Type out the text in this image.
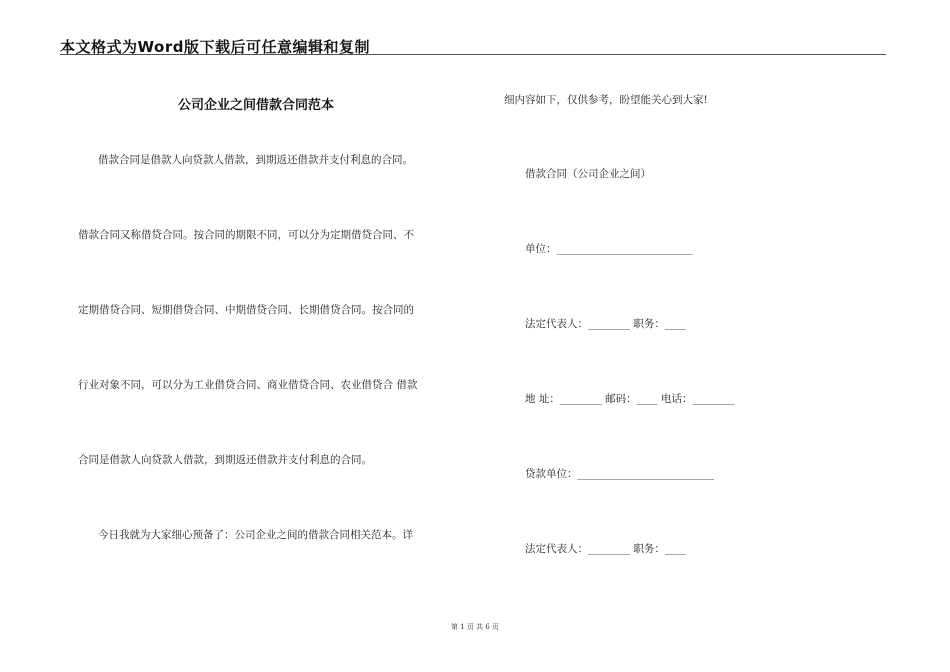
本文格式为Word版下载后可任意编辑和复制
公司企业之间借款合同范本
借款合同是借款人向贷款人借款，到期返还借款并支付利息的合同。
借款合同又称借贷合同。按合同的期限不同，可以分为定期借贷合同、不
定期借贷合同、短期借贷合同、中期借贷合同、长期借贷合同。按合同的
行业对象不同，可以分为工业借贷合同、商业借贷合同、农业借贷合 借款
合同是借款人向贷款人借款，到期返还借款并支付利息的合同。
今日我就为大家细心预备了：公司企业之间的借款合同相关范本。详
细内容如下，仅供参考，盼望能关心到大家!
借款合同（公司企业之间）
单位：__________________________
法定代表人：________ 职务：____
地 址：________ 邮码：____ 电话：________
贷款单位：__________________________
法定代表人：________ 职务：____
第 1 页 共 6 页
